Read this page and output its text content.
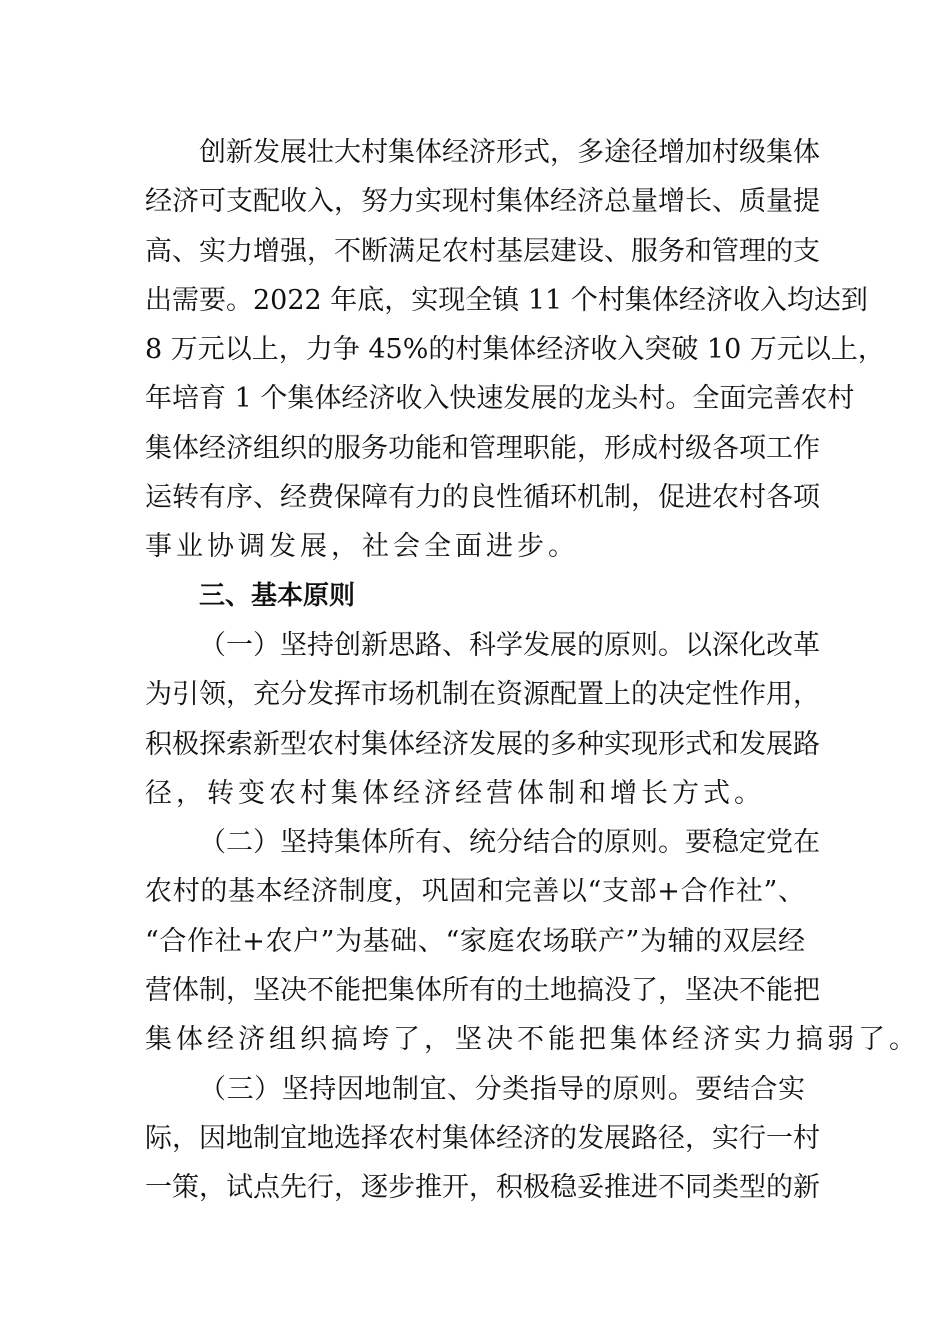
创新发展壮大村集体经济形式，多途径增加村级集体
经济可支配收入，努力实现村集体经济总量增长、质量提
高、实力增强，不断满足农村基层建设、服务和管理的支
出需要。2022 年底，实现全镇 11 个村集体经济收入均达到
8 万元以上，力争 45%的村集体经济收入突破 10 万元以上，
年培育 1 个集体经济收入快速发展的龙头村。全面完善农村
集体经济组织的服务功能和管理职能，形成村级各项工作
运转有序、经费保障有力的良性循环机制，促进农村各项
事业协调发展，社会全面进步。
三、基本原则
（一）坚持创新思路、科学发展的原则。以深化改革
为引领，充分发挥市场机制在资源配置上的决定性作用，
积极探索新型农村集体经济发展的多种实现形式和发展路
径，转变农村集体经济经营体制和增长方式。
（二）坚持集体所有、统分结合的原则。要稳定党在
农村的基本经济制度，巩固和完善以“支部+合作社”、
“合作社+农户”为基础、“家庭农场联产”为辅的双层经
营体制，坚决不能把集体所有的土地搞没了，坚决不能把
集体经济组织搞垮了，坚决不能把集体经济实力搞弱了。
（三）坚持因地制宜、分类指导的原则。要结合实
际，因地制宜地选择农村集体经济的发展路径，实行一村
一策，试点先行，逐步推开，积极稳妥推进不同类型的新
